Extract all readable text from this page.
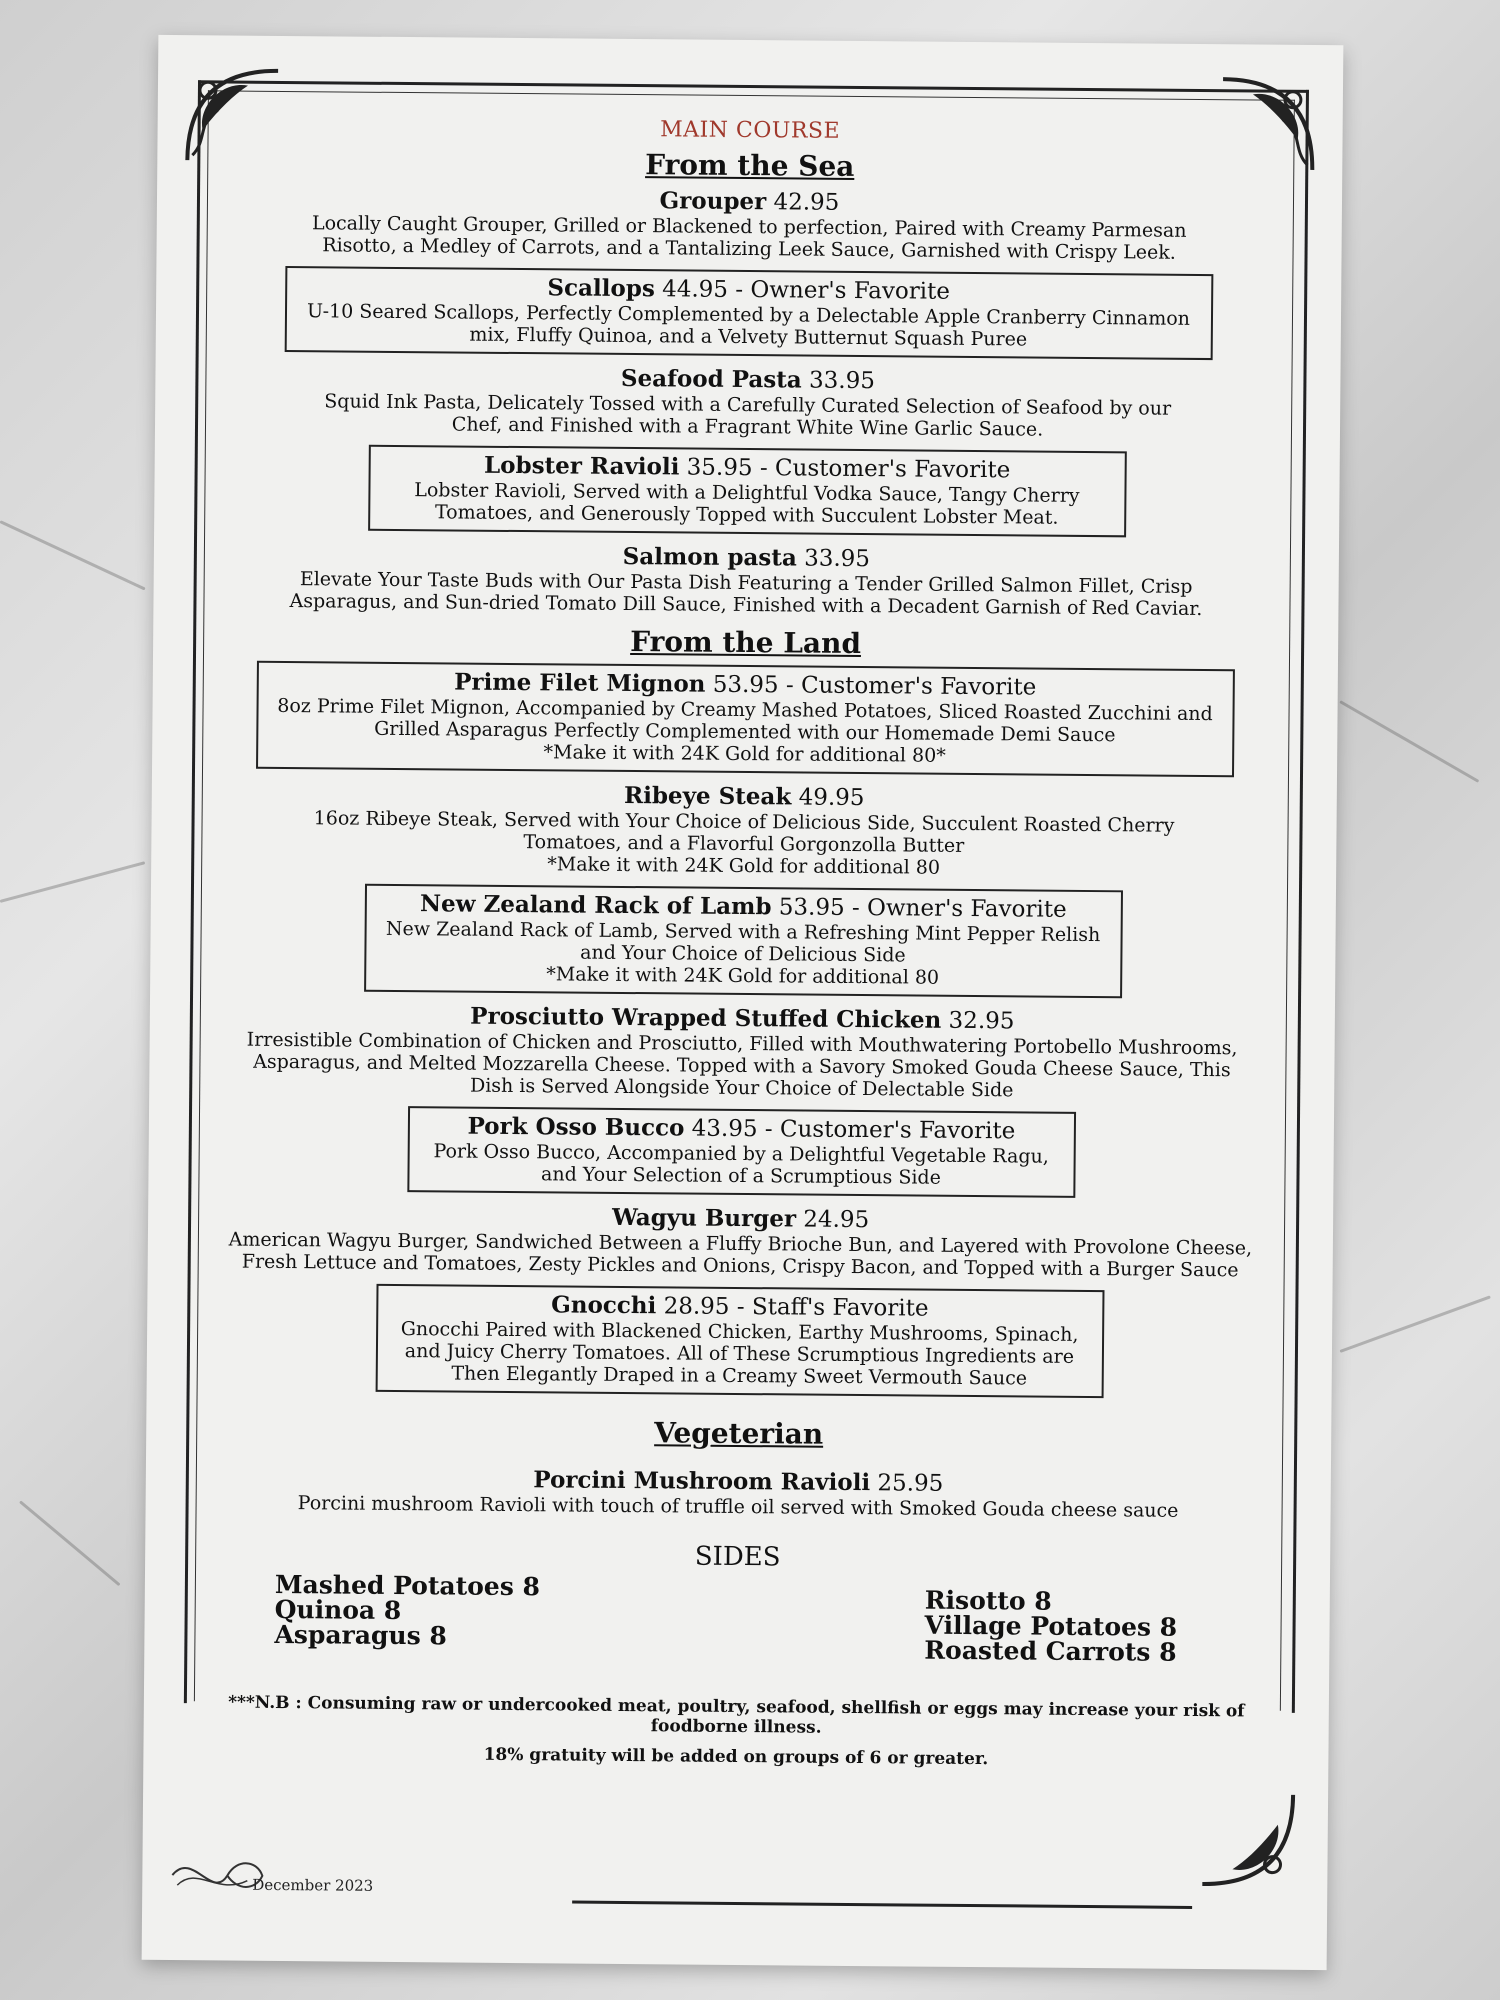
MAIN COURSE
From the Sea
Grouper 42.95
Locally Caught Grouper, Grilled or Blackened to perfection, Paired with Creamy Parmesan Risotto, a Medley of Carrots, and a Tantalizing Leek Sauce, Garnished with Crispy Leek.
Scallops 44.95 - Owner's Favorite
U-10 Seared Scallops, Perfectly Complemented by a Delectable Apple Cranberry Cinnamon mix, Fluffy Quinoa, and a Velvety Butternut Squash Puree
Seafood Pasta 33.95
Squid Ink Pasta, Delicately Tossed with a Carefully Curated Selection of Seafood by our Chef, and Finished with a Fragrant White Wine Garlic Sauce.
Lobster Ravioli 35.95 - Customer's Favorite
Lobster Ravioli, Served with a Delightful Vodka Sauce, Tangy Cherry Tomatoes, and Generously Topped with Succulent Lobster Meat.
Salmon pasta 33.95
Elevate Your Taste Buds with Our Pasta Dish Featuring a Tender Grilled Salmon Fillet, Crisp Asparagus, and Sun-dried Tomato Dill Sauce, Finished with a Decadent Garnish of Red Caviar.
From the Land
Prime Filet Mignon 53.95 - Customer's Favorite
8oz Prime Filet Mignon, Accompanied by Creamy Mashed Potatoes, Sliced Roasted Zucchini and Grilled Asparagus Perfectly Complemented with our Homemade Demi Sauce
*Make it with 24K Gold for additional 80*
Ribeye Steak 49.95
16oz Ribeye Steak, Served with Your Choice of Delicious Side, Succulent Roasted Cherry Tomatoes, and a Flavorful Gorgonzolla Butter
*Make it with 24K Gold for additional 80
New Zealand Rack of Lamb 53.95 - Owner's Favorite
New Zealand Rack of Lamb, Served with a Refreshing Mint Pepper Relish and Your Choice of Delicious Side
*Make it with 24K Gold for additional 80
Prosciutto Wrapped Stuffed Chicken 32.95
Irresistible Combination of Chicken and Prosciutto, Filled with Mouthwatering Portobello Mushrooms, Asparagus, and Melted Mozzarella Cheese. Topped with a Savory Smoked Gouda Cheese Sauce, This Dish is Served Alongside Your Choice of Delectable Side
Pork Osso Bucco 43.95 - Customer's Favorite
Pork Osso Bucco, Accompanied by a Delightful Vegetable Ragu, and Your Selection of a Scrumptious Side
Wagyu Burger 24.95
American Wagyu Burger, Sandwiched Between a Fluffy Brioche Bun, and Layered with Provolone Cheese, Fresh Lettuce and Tomatoes, Zesty Pickles and Onions, Crispy Bacon, and Topped with a Burger Sauce
Gnocchi 28.95 - Staff's Favorite
Gnocchi Paired with Blackened Chicken, Earthy Mushrooms, Spinach, and Juicy Cherry Tomatoes. All of These Scrumptious Ingredients are Then Elegantly Draped in a Creamy Sweet Vermouth Sauce
Vegeterian
Porcini Mushroom Ravioli 25.95
Porcini mushroom Ravioli with touch of truffle oil served with Smoked Gouda cheese sauce
SIDES
Mashed Potatoes 8
Quinoa 8
Asparagus 8
Risotto 8
Village Potatoes 8
Roasted Carrots 8
***N.B : Consuming raw or undercooked meat, poultry, seafood, shellfish or eggs may increase your risk of foodborne illness.
18% gratuity will be added on groups of 6 or greater.
December 2023
